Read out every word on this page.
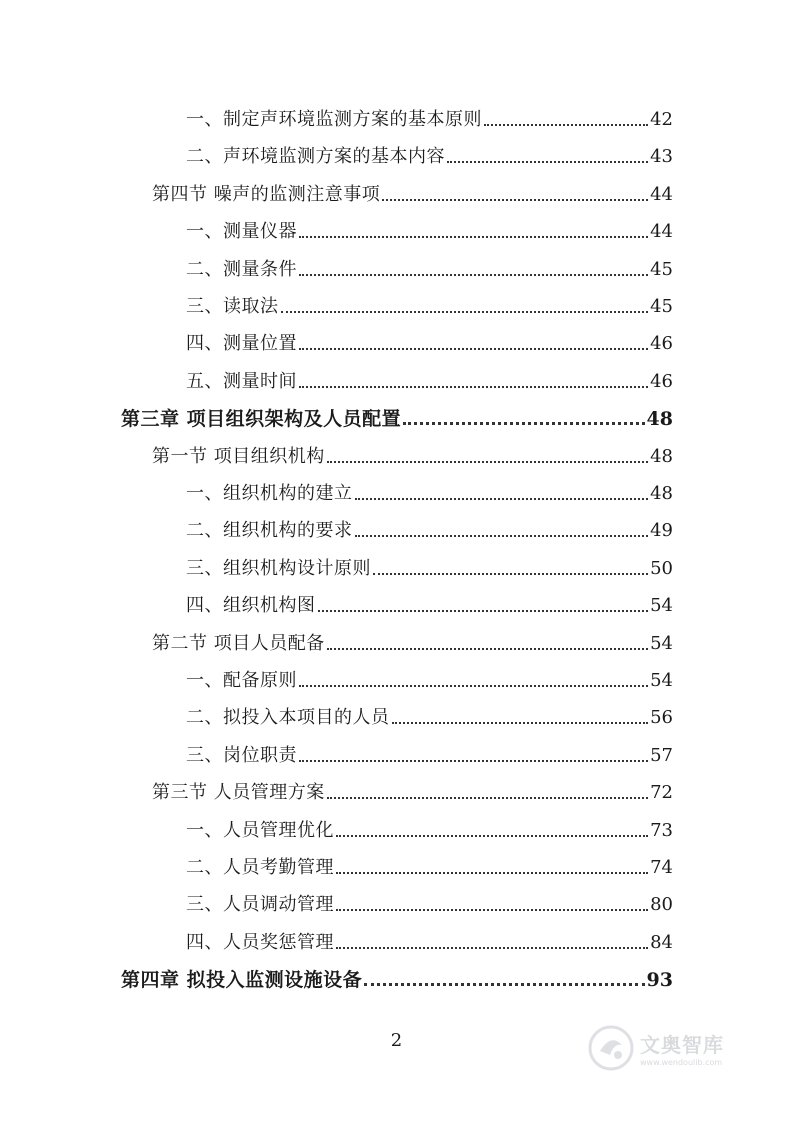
一、制定声环境监测方案的基本原则	42
二、声环境监测方案的基本内容	43
第四节 噪声的监测注意事项	44
一、测量仪器	44
二、测量条件	45
三、读取法	45
四、测量位置	46
五、测量时间	46
第三章 项目组织架构及人员配置	48
第一节 项目组织机构	48
一、组织机构的建立	48
二、组织机构的要求	49
三、组织机构设计原则	50
四、组织机构图	54
第二节 项目人员配备	54
一、配备原则	54
二、拟投入本项目的人员	56
三、岗位职责	57
第三节 人员管理方案	72
一、人员管理优化	73
二、人员考勤管理	74
三、人员调动管理	80
四、人员奖惩管理	84
第四章 拟投入监测设施设备	93
2	文奥智库
www.wendoulib.com
